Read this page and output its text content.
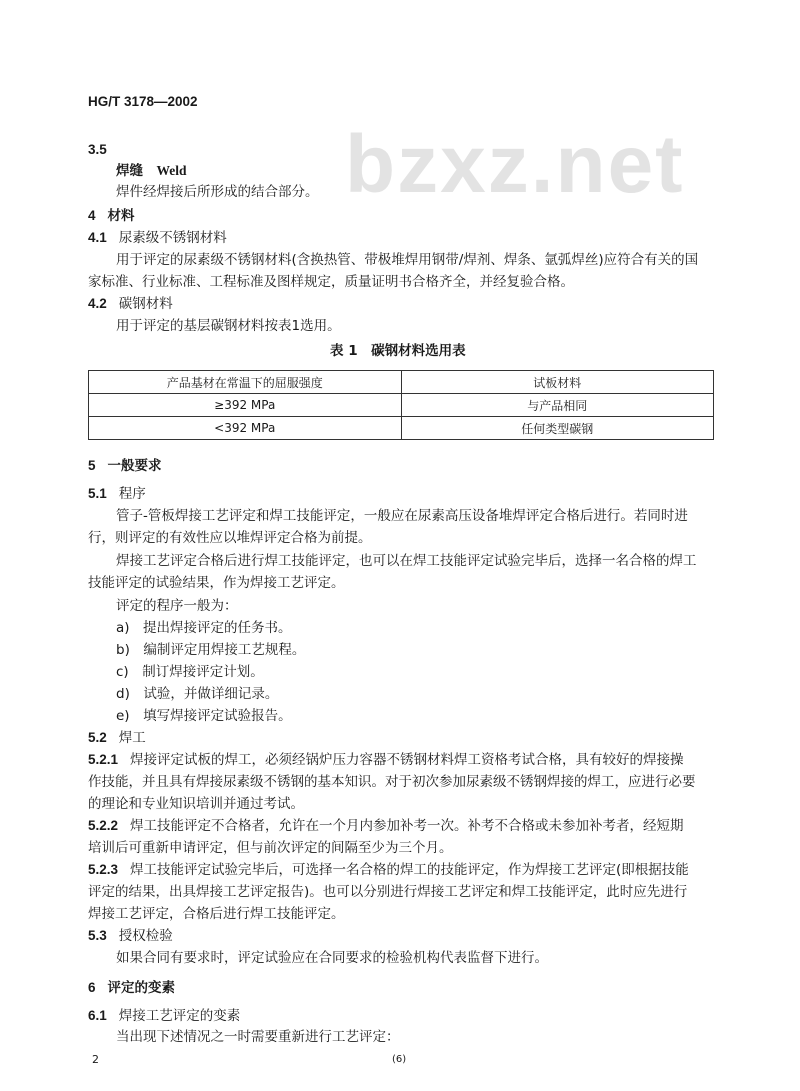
bzxz.net
HG/T 3178—2002
3.5
焊缝　 Weld
焊件经焊接后所形成的结合部分。
4 材料
4.1 尿素级不锈钢材料
用于评定的尿素级不锈钢材料(含换热管、带极堆焊用钢带/焊剂、焊条、氩弧焊丝)应符合有关的国
家标准、行业标准、工程标准及图样规定，质量证明书合格齐全，并经复验合格。
4.2 碳钢材料
用于评定的基层碳钢材料按表1选用。
表 1　碳钢材料选用表
产品基材在常温下的屈服强度	试板材料
≥392 MPa	与产品相同
<392 MPa	任何类型碳钢
5 一般要求
5.1 程序
管子-管板焊接工艺评定和焊工技能评定，一般应在尿素高压设备堆焊评定合格后进行。若同时进
行，则评定的有效性应以堆焊评定合格为前提。
焊接工艺评定合格后进行焊工技能评定，也可以在焊工技能评定试验完毕后，选择一名合格的焊工
技能评定的试验结果，作为焊接工艺评定。
评定的程序一般为：
a)　提出焊接评定的任务书。
b)　编制评定用焊接工艺规程。
c)　制订焊接评定计划。
d)　试验，并做详细记录。
e)　填写焊接评定试验报告。
5.2 焊工
5.2.1 焊接评定试板的焊工，必须经锅炉压力容器不锈钢材料焊工资格考试合格，具有较好的焊接操
作技能，并且具有焊接尿素级不锈钢的基本知识。对于初次参加尿素级不锈钢焊接的焊工，应进行必要
的理论和专业知识培训并通过考试。
5.2.2 焊工技能评定不合格者，允许在一个月内参加补考一次。补考不合格或未参加补考者，经短期
培训后可重新申请评定，但与前次评定的间隔至少为三个月。
5.2.3 焊工技能评定试验完毕后，可选择一名合格的焊工的技能评定，作为焊接工艺评定(即根据技能
评定的结果，出具焊接工艺评定报告)。也可以分别进行焊接工艺评定和焊工技能评定，此时应先进行
焊接工艺评定，合格后进行焊工技能评定。
5.3 授权检验
如果合同有要求时，评定试验应在合同要求的检验机构代表监督下进行。
6 评定的变素
6.1 焊接工艺评定的变素
当出现下述情况之一时需要重新进行工艺评定：
2	(6)
